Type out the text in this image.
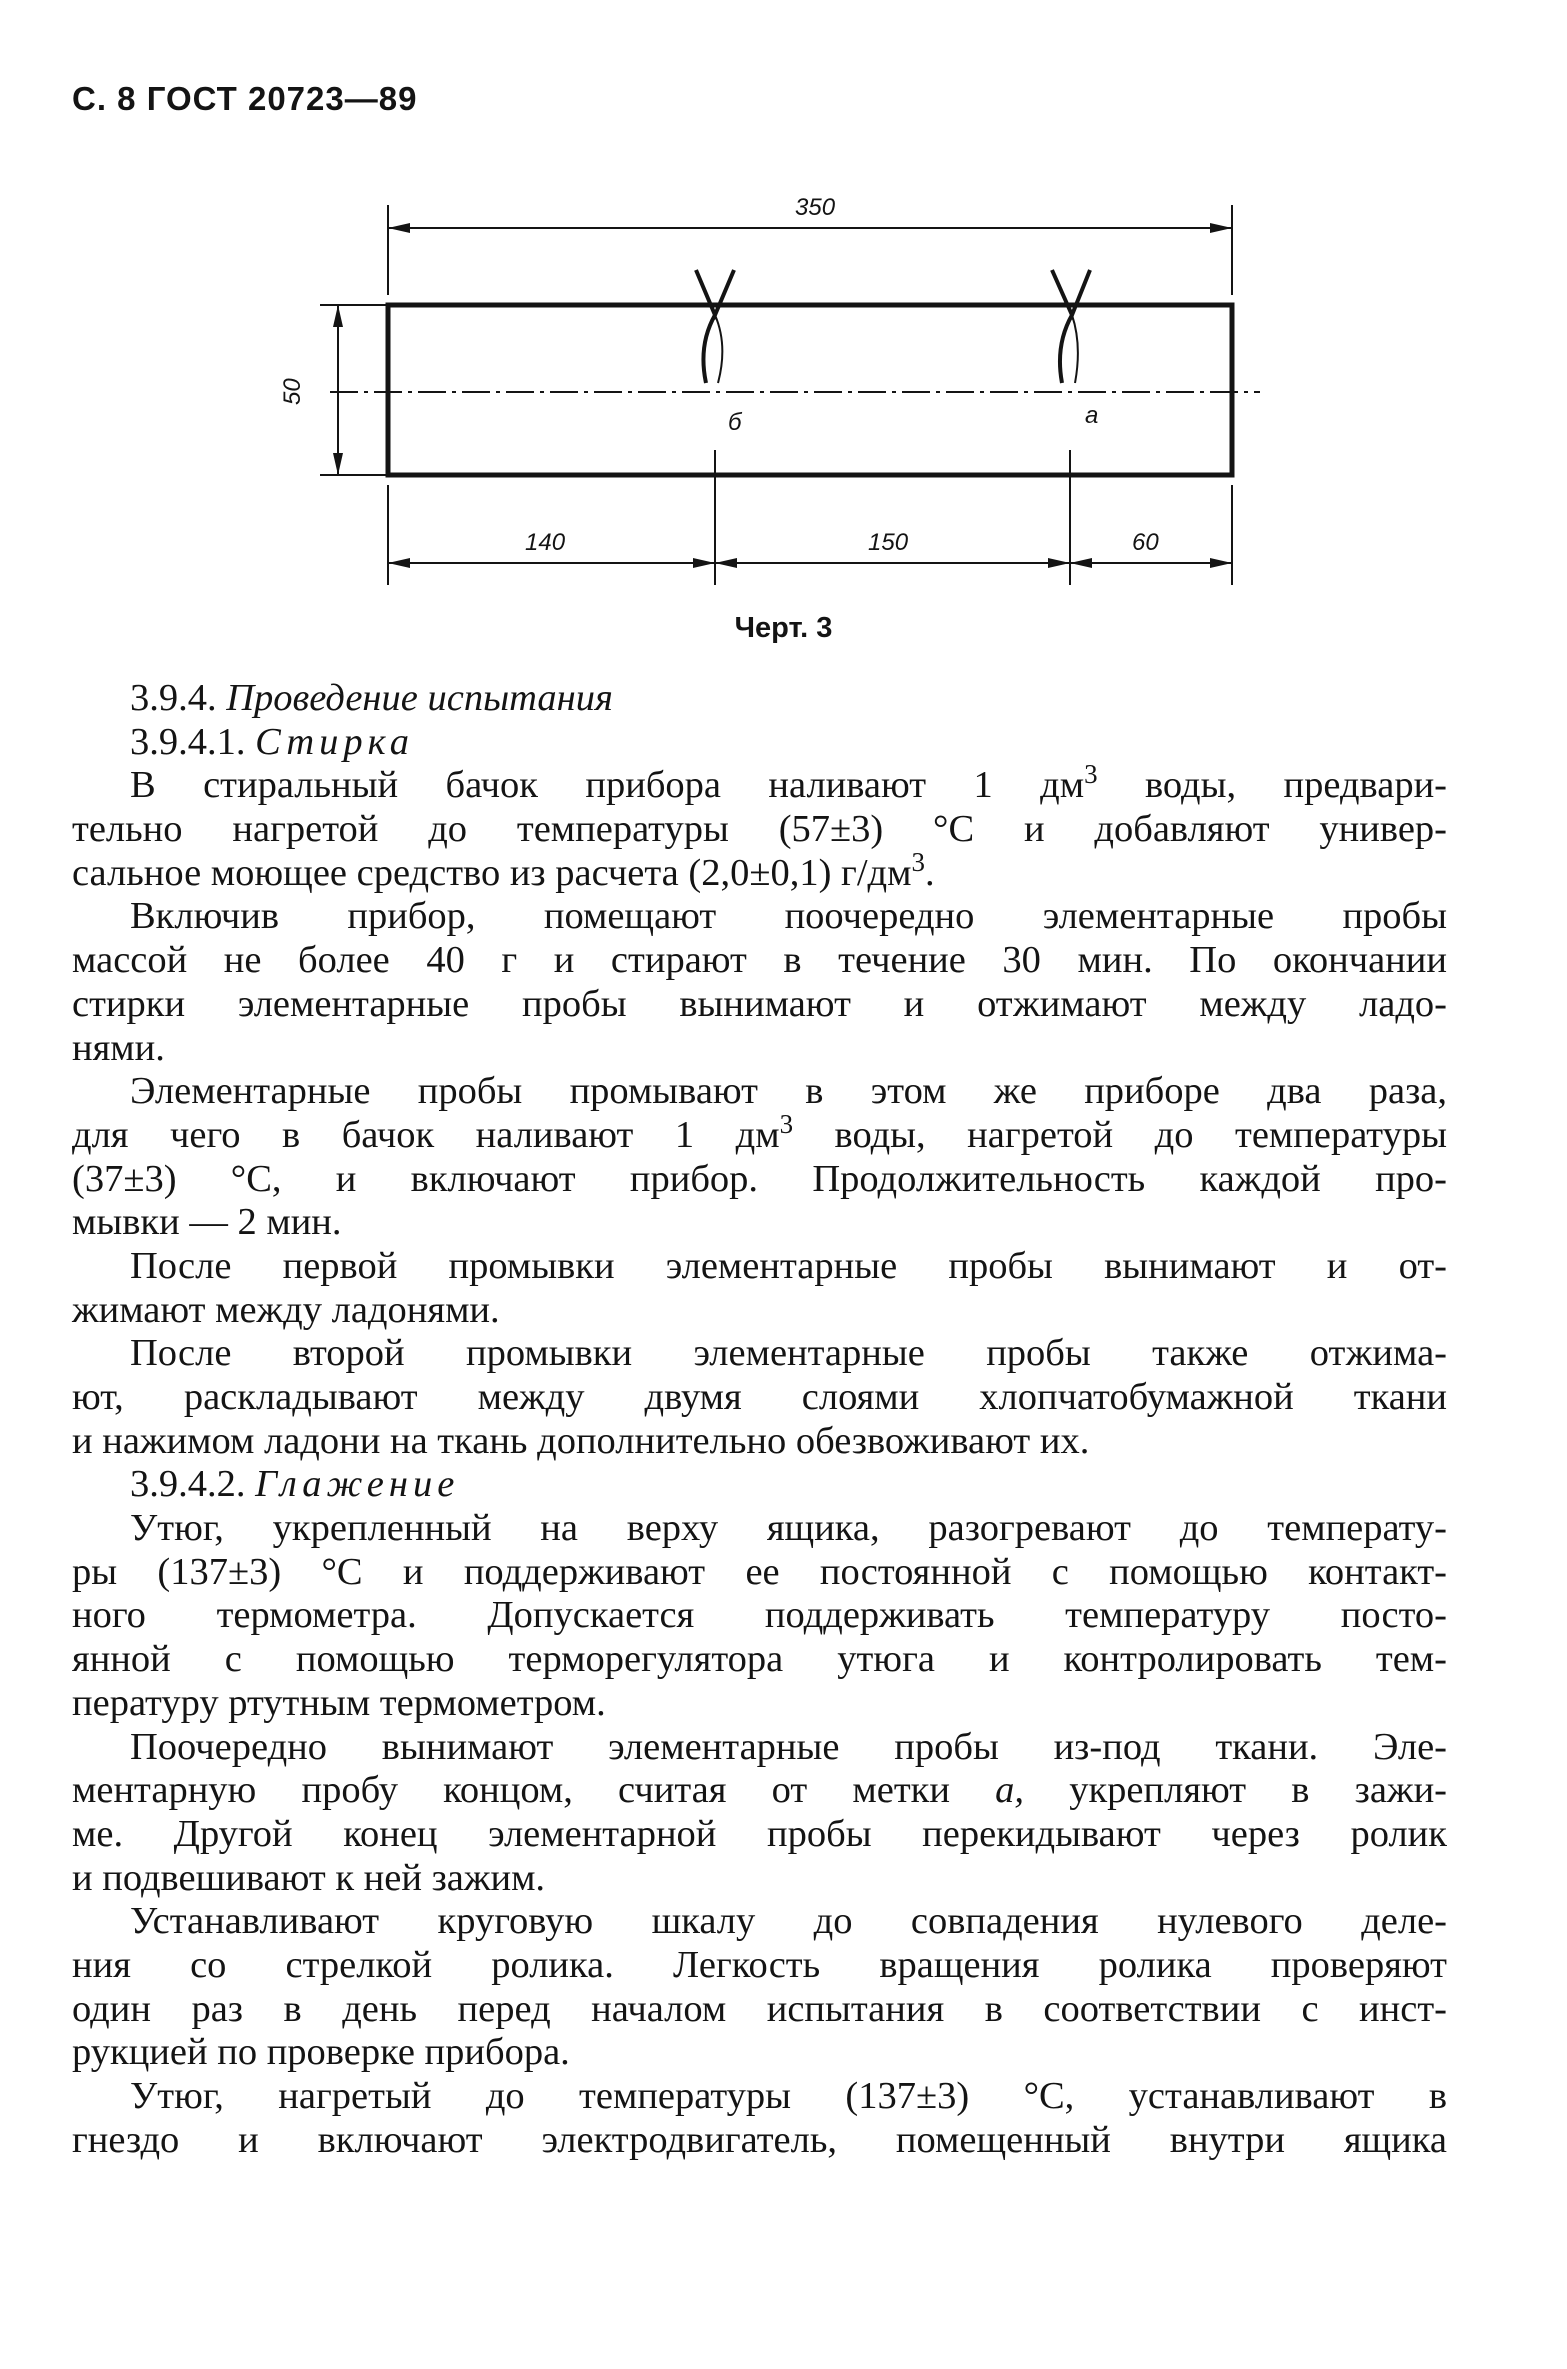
С. 8 ГОСТ 20723—89
350
50
140	150	60
б	а
Черт. 3
3.9.4. Проведение испытания
3.9.4.1. Стирка
В стиральный бачок прибора наливают 1 $дм^3$ воды, предвари-
тельно нагретой до температуры (57±3) °С и добавляют универ-
сальное моющее средство из расчета (2,0±0,1) $г/дм^3$.
Включив прибор, помещают поочередно элементарные пробы
массой не более 40 г и стирают в течение 30 мин. По окончании
стирки элементарные пробы вынимают и отжимают между ладо-
нями.
Элементарные пробы промывают в этом же приборе два раза,
для чего в бачок наливают 1 $дм^3$ воды, нагретой до температуры
(37±3) °С, и включают прибор. Продолжительность каждой про-
мывки — 2 мин.
После первой промывки элементарные пробы вынимают и от-
жимают между ладонями.
После второй промывки элементарные пробы также отжима-
ют, раскладывают между двумя слоями хлопчатобумажной ткани
и нажимом ладони на ткань дополнительно обезвоживают их.
3.9.4.2. Глажение
Утюг, укрепленный на верху ящика, разогревают до температу-
ры (137±3) °С и поддерживают ее постоянной с помощью контакт-
ного термометра. Допускается поддерживать температуру посто-
янной с помощью терморегулятора утюга и контролировать тем-
пературу ртутным термометром.
Поочередно вынимают элементарные пробы из-под ткани. Эле-
ментарную пробу концом, считая от метки а, укрепляют в зажи-
ме. Другой конец элементарной пробы перекидывают через ролик
и подвешивают к ней зажим.
Устанавливают круговую шкалу до совпадения нулевого деле-
ния со стрелкой ролика. Легкость вращения ролика проверяют
один раз в день перед началом испытания в соответствии с инст-
рукцией по проверке прибора.
Утюг, нагретый до температуры (137±3) °С, устанавливают в
гнездо и включают электродвигатель, помещенный внутри ящика
